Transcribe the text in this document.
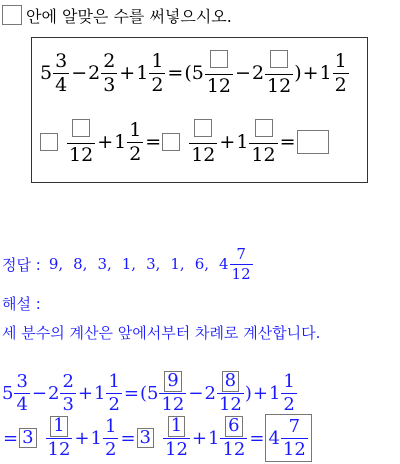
안에 알맞은 수를 써넣으시오.
$5 \frac{3}{4} - 2 \frac{2}{3} + 1 \frac{1}{2}$ = ( 5
12
− 2
12
) + $1 \frac{1}{2}$
12
+ $1 \frac{1}{2}$ =
12
+ 1
12
=
정답 : 9, 8, 3, 1, 3, 1, 6, $4 \frac{7}{12}$
해설 :
세 분수의 계산은 앞에서부터 차례로 계산합니다.
$5 \frac{3}{4} - 2 \frac{2}{3} + 1 \frac{1}{2}$ = ( $5 \frac{9}{12} - 2 \frac{8}{12}$ ) + $1 \frac{1}{2}$
= $3 \frac{1}{12} + 1 \frac{1}{2} = 3 \frac{1}{12} + 1 \frac{6}{12} = 4 \frac{7}{12}$
